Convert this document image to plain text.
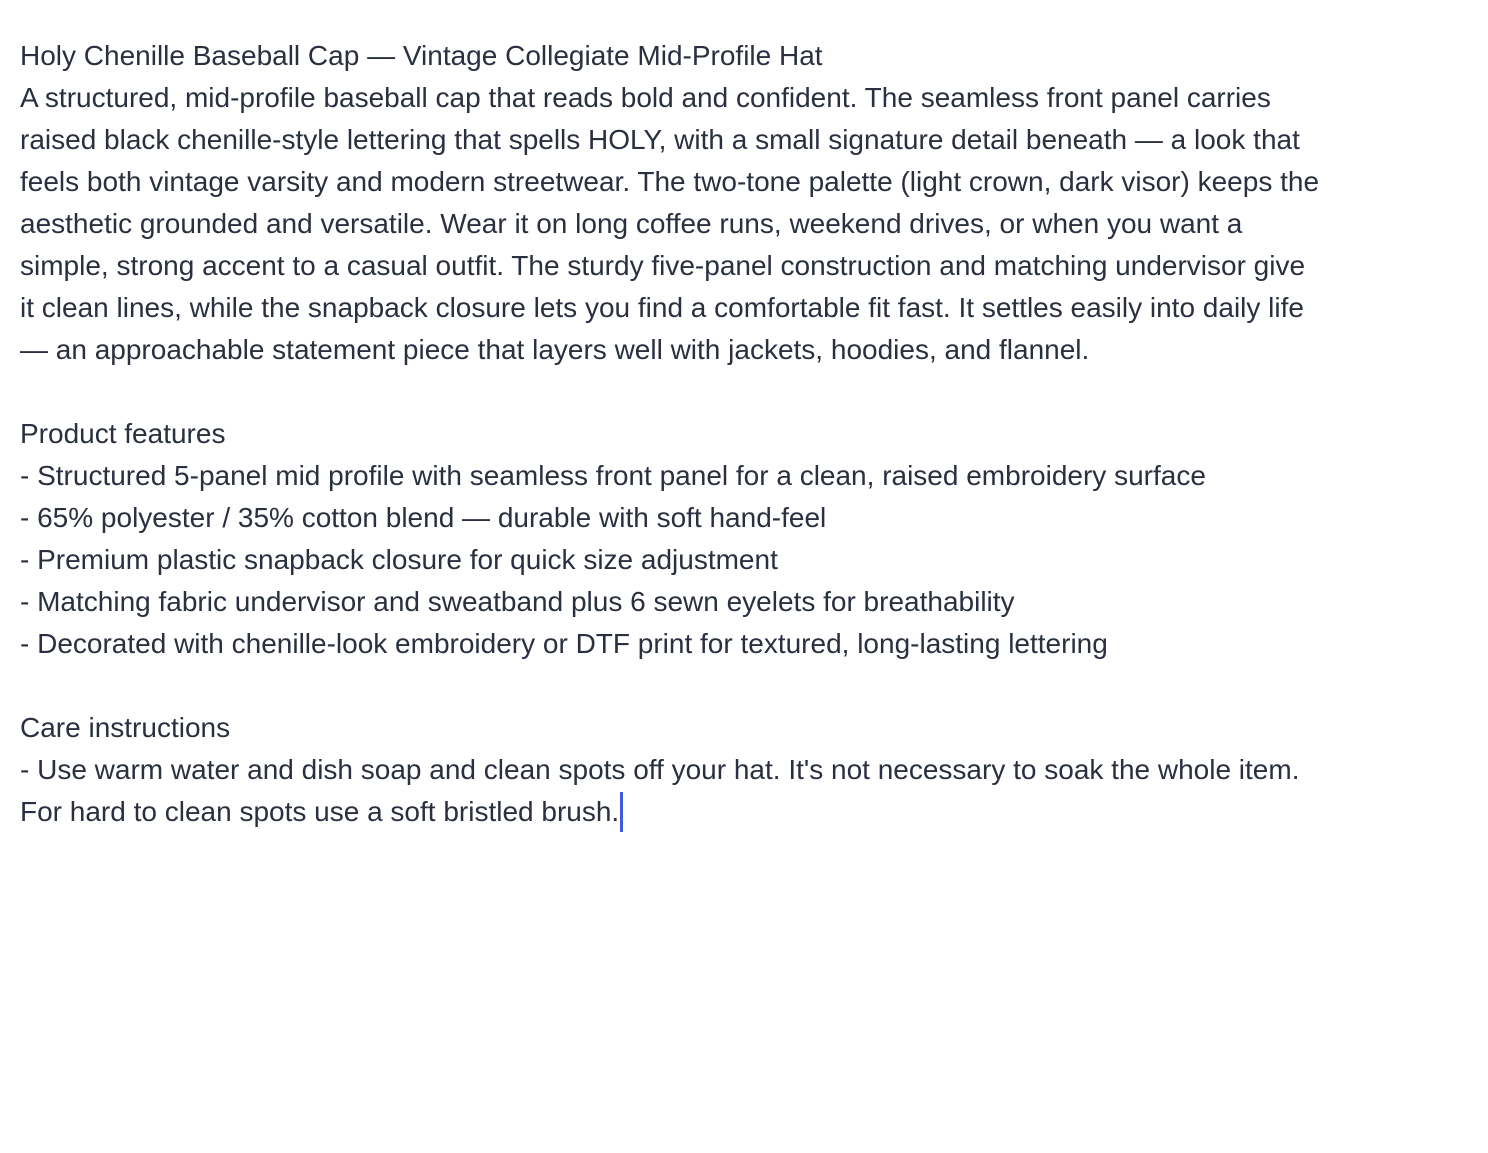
Holy Chenille Baseball Cap — Vintage Collegiate Mid-Profile Hat
A structured, mid-profile baseball cap that reads bold and confident. The seamless front panel carries
raised black chenille-style lettering that spells HOLY, with a small signature detail beneath — a look that
feels both vintage varsity and modern streetwear. The two-tone palette (light crown, dark visor) keeps the
aesthetic grounded and versatile. Wear it on long coffee runs, weekend drives, or when you want a
simple, strong accent to a casual outfit. The sturdy five-panel construction and matching undervisor give
it clean lines, while the snapback closure lets you find a comfortable fit fast. It settles easily into daily life
— an approachable statement piece that layers well with jackets, hoodies, and flannel.
Product features
- Structured 5-panel mid profile with seamless front panel for a clean, raised embroidery surface
- 65% polyester / 35% cotton blend — durable with soft hand-feel
- Premium plastic snapback closure for quick size adjustment
- Matching fabric undervisor and sweatband plus 6 sewn eyelets for breathability
- Decorated with chenille-look embroidery or DTF print for textured, long-lasting lettering
Care instructions
- Use warm water and dish soap and clean spots off your hat. It's not necessary to soak the whole item.
For hard to clean spots use a soft bristled brush.
